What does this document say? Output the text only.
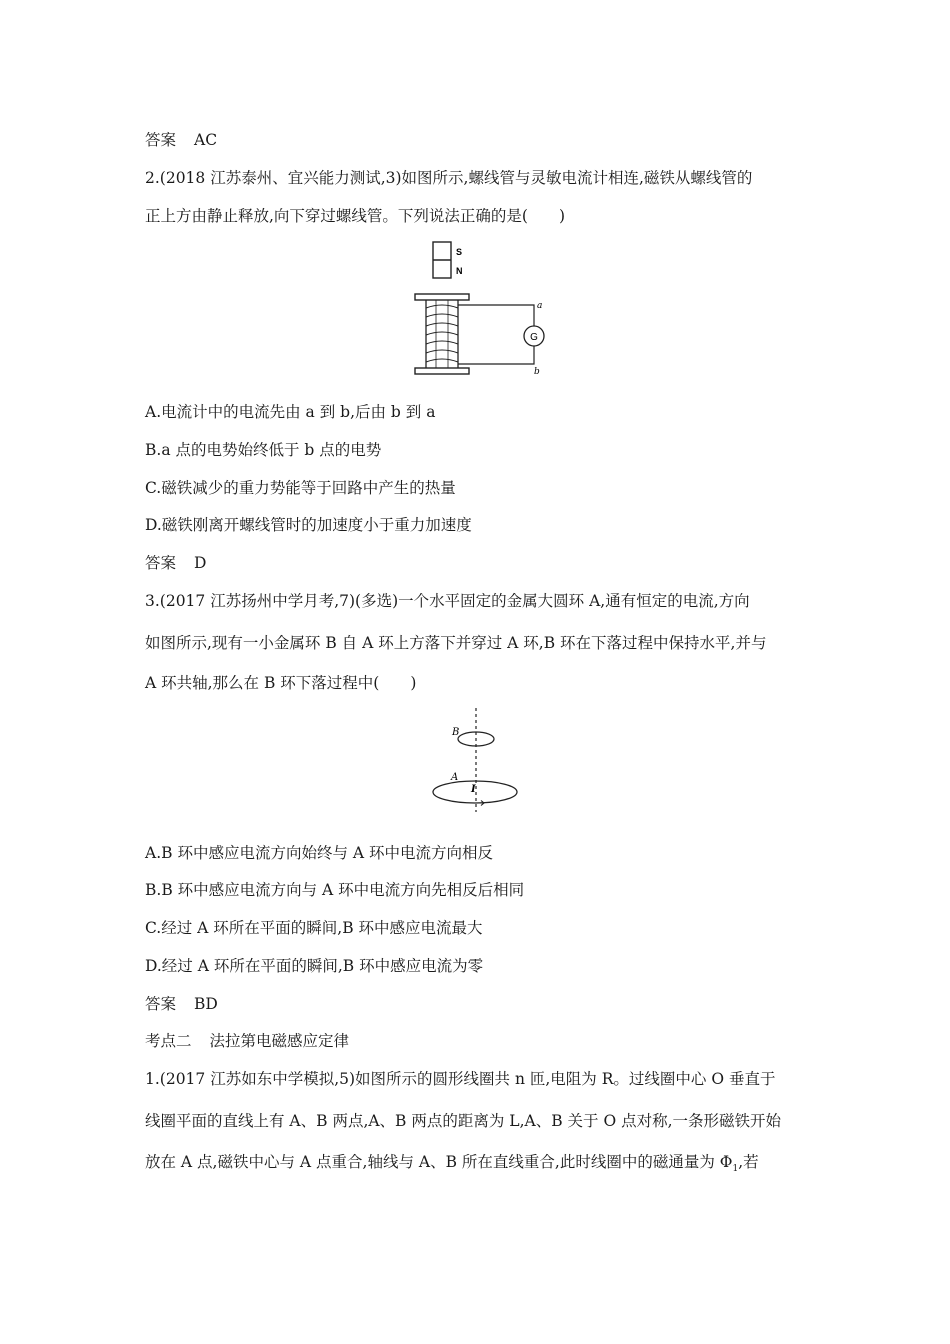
答案 AC
2.(2018 江苏泰州、宜兴能力测试,3)如图所示,螺线管与灵敏电流计相连,磁铁从螺线管的
正上方由静止释放,向下穿过螺线管。下列说法正确的是(　　)
S
N
G
a
b
A.电流计中的电流先由 a 到 b,后由 b 到 a
B.a 点的电势始终低于 b 点的电势
C.磁铁减少的重力势能等于回路中产生的热量
D.磁铁刚离开螺线管时的加速度小于重力加速度
答案 D
3.(2017 江苏扬州中学月考,7)(多选)一个水平固定的金属大圆环 A,通有恒定的电流,方向
如图所示,现有一小金属环 B 自 A 环上方落下并穿过 A 环,B 环在下落过程中保持水平,并与
A 环共轴,那么在 B 环下落过程中(　　)
B
A
I
A.B 环中感应电流方向始终与 A 环中电流方向相反
B.B 环中感应电流方向与 A 环中电流方向先相反后相同
C.经过 A 环所在平面的瞬间,B 环中感应电流最大
D.经过 A 环所在平面的瞬间,B 环中感应电流为零
答案 BD
考点二 法拉第电磁感应定律
1.(2017 江苏如东中学模拟,5)如图所示的圆形线圈共 n 匝,电阻为 R。过线圈中心 O 垂直于
线圈平面的直线上有 A、B 两点,A、B 两点的距离为 L,A、B 关于 O 点对称,一条形磁铁开始
放在 A 点,磁铁中心与 A 点重合,轴线与 A、B 所在直线重合,此时线圈中的磁通量为 $\Phi_1$,若
